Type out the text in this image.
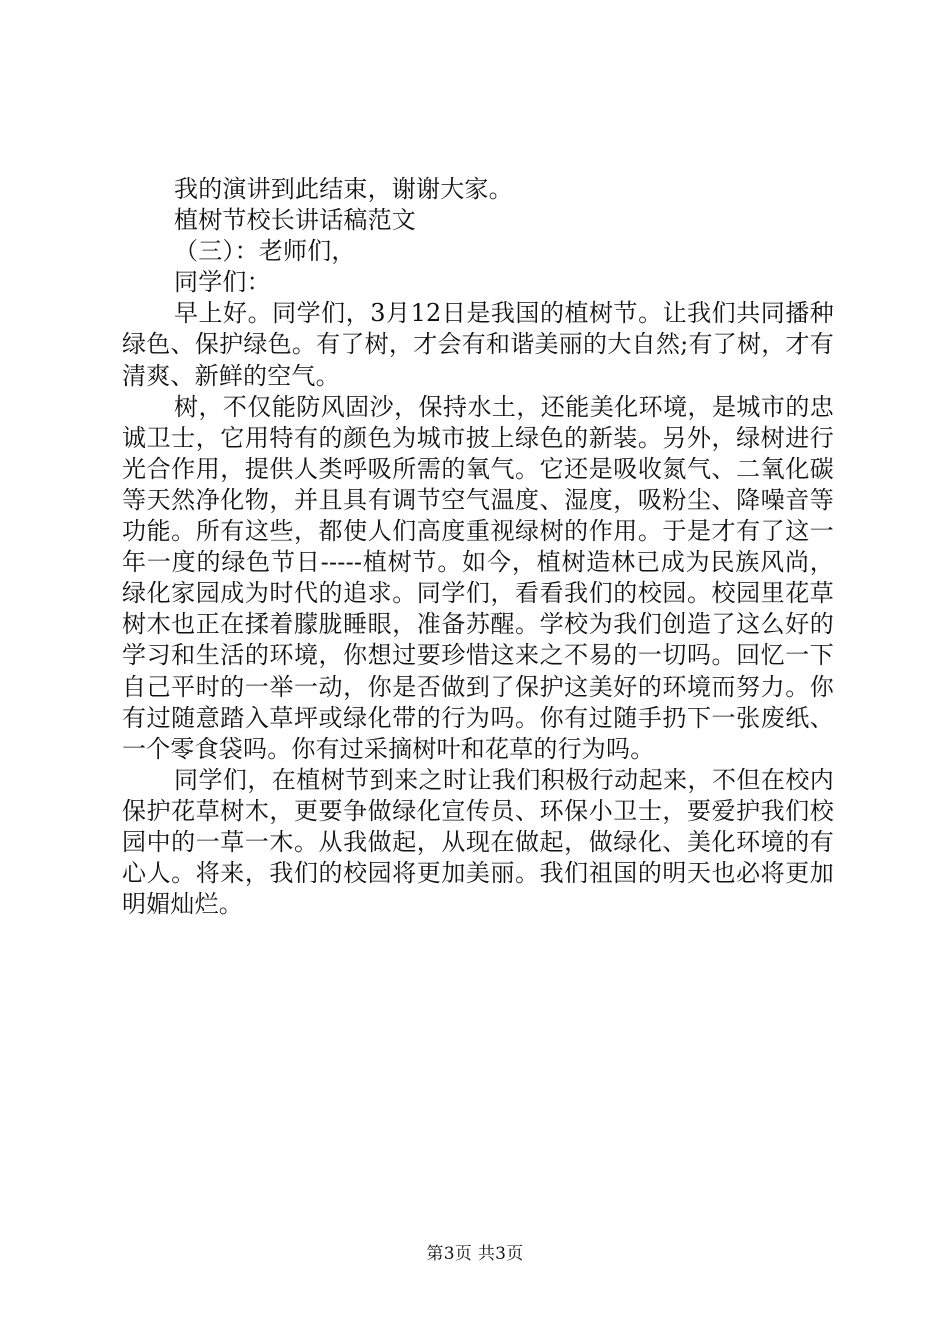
我的演讲到此结束，谢谢大家。

植树节校长讲话稿范文

（三）：老师们，

同学们：

早上好。同学们，3月12日是我国的植树节。让我们共同播种绿色、保护绿色。有了树，才会有和谐美丽的大自然;有了树，才有清爽、新鲜的空气。

树，不仅能防风固沙，保持水土，还能美化环境，是城市的忠诚卫士，它用特有的颜色为城市披上绿色的新装。另外，绿树进行光合作用，提供人类呼吸所需的氧气。它还是吸收氮气、二氧化碳等天然净化物，并且具有调节空气温度、湿度，吸粉尘、降噪音等功能。所有这些，都使人们高度重视绿树的作用。于是才有了这一年一度的绿色节日-----植树节。如今，植树造林已成为民族风尚，绿化家园成为时代的追求。同学们，看看我们的校园。校园里花草树木也正在揉着朦胧睡眼，准备苏醒。学校为我们创造了这么好的学习和生活的环境，你想过要珍惜这来之不易的一切吗。回忆一下自己平时的一举一动，你是否做到了保护这美好的环境而努力。你有过随意踏入草坪或绿化带的行为吗。你有过随手扔下一张废纸、一个零食袋吗。你有过采摘树叶和花草的行为吗。

同学们，在植树节到来之时让我们积极行动起来，不但在校内保护花草树木，更要争做绿化宣传员、环保小卫士，要爱护我们校园中的一草一木。从我做起，从现在做起，做绿化、美化环境的有心人。将来，我们的校园将更加美丽。我们祖国的明天也必将更加明媚灿烂。

第3页 共3页
